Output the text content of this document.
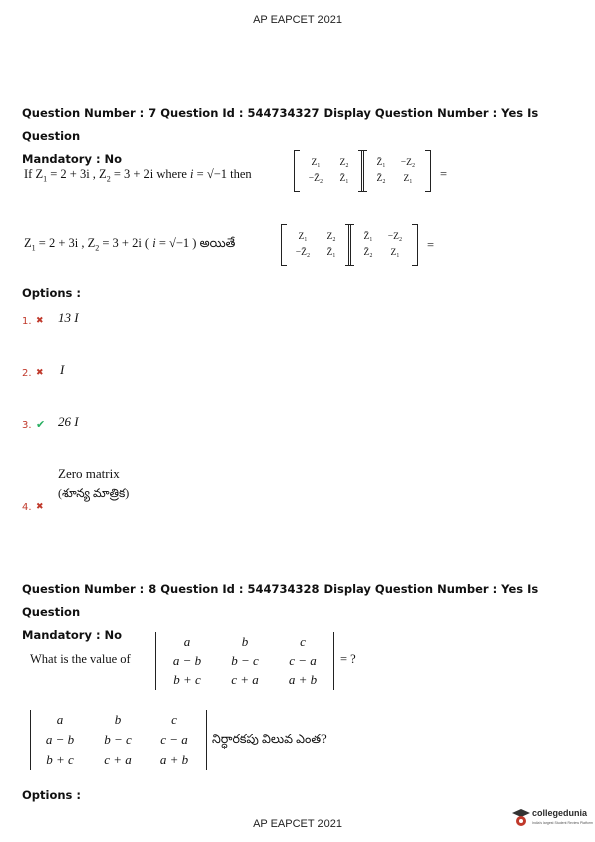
AP EAPCET 2021
Question Number : 7 Question Id : 544734327 Display Question Number : Yes Is Question
Mandatory : No
If $Z_1 = 2 + 3i$ , $Z_2 = 3 + 2i$ where i = √−1 then
Z₁	Z₂
−Z̄₂	Z̄₁
Z̄₁	−Z₂
Z̄₂	Z₁	=
$Z_1 = 2 + 3i$ , $Z_2 = 3 + 2i$ ( i = √−1 ) అయితే	Z₁	Z₂
−Z̄₂	Z̄₁
Z̄₁	−Z₂
Z̄₂	Z₁
=
Options :
1. ✖ 13 I
2. ✖ I
3. ✔ 26 I
Zero matrix
(శూన్య మాత్రిక)
4. ✖
Question Number : 8 Question Id : 544734328 Display Question Number : Yes Is Question
Mandatory : No
What is the value of
a	b	c
a − b	b − c	c − a
b + c	c + a	a + b
= ?
a	b	c
a − b	b − c	c − a
b + c	c + a	a + b
నిర్ధారకపు విలువ ఎంత?
Options :
AP EAPCET 2021
collegedunia
India's largest Student Review Platform
